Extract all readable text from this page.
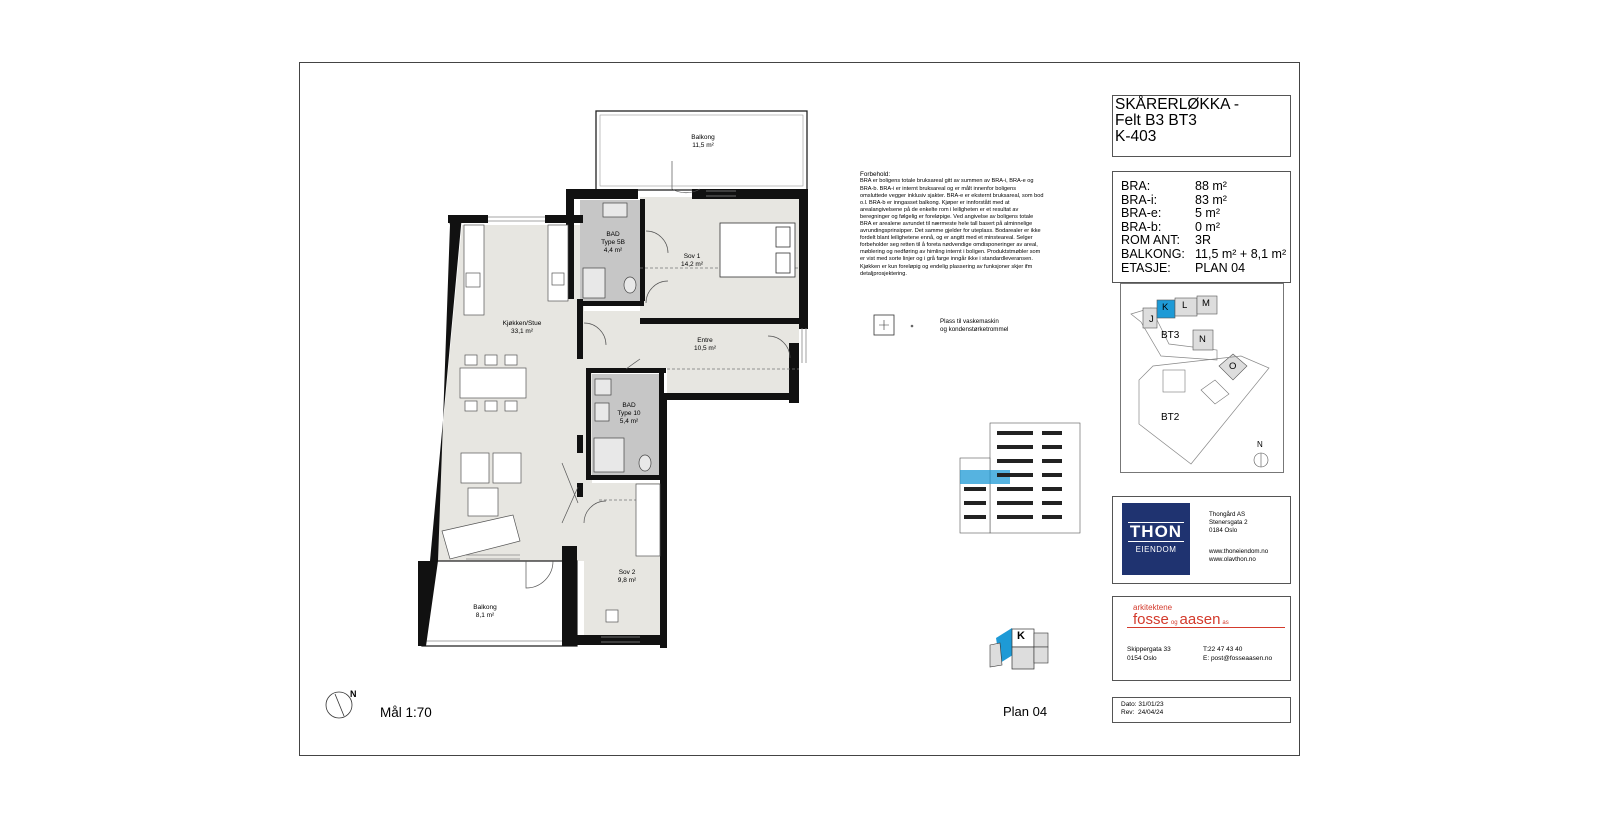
Balkong
11,5 m²
BAD
Type 5B
4,4 m²
Sov 1
14,2 m²
Kjøkken/Stue
33,1 m²
Entre
10,5 m²
BAD
Type 10
5,4 m²
Sov 2
9,8 m²
Balkong
8,1 m²
Forbehold:
BRA er boligens totale bruksareal gitt av summen av BRA-i, BRA-e og
BRA-b. BRA-i er internt bruksareal og er målt innenfor boligens
omsluttede vegger inklusiv sjakter. BRA-e er eksternt bruksareal, som bod
o.l. BRA-b er inngasset balkong. Kjøper er innforstått med at
arealangivelsene på de enkelte rom i leiligheten er et resultat av
beregninger og følgelig er foreløpige. Ved angivelse av boligens totale
BRA er arealene avrundet til nærmeste hele tall basert på alminnelige
avrundingsprinsipper. Det samme gjelder for uteplass. Bodarealer er ikke
fordelt blant leilighetene ennå, og er angitt med et minsteareal. Selger
forbeholder seg retten til å foreta nødvendige omdisponeringer av areal,
møblering og nedføring av himling internt i boligen. Produktstmøbler som
er vist med sorte linjer og i grå farge inngår ikke i standardleveransen.
Kjøkken er kun foreløpig og endelig plassering av funksjoner skjer ifm
detaljprosjektering.
Plass til vaskemaskin
og kondenstørketrommel
N
Mål 1:70	Plan 04
K
SKÅRERLØKKA -
Felt B3 BT3
K-403
BRA:	88 m²
BRA-i:	83 m²
BRA-e:	5 m²
BRA-b:	0 m²
ROM ANT:	3R
BALKONG: 11,5 m² + 8,1 m²
ETASJE:	PLAN 04
J
K L M
N
O
BT3
BT2
N
THON
EIENDOM
Thongård AS
Stenersgata 2
0184 Oslo
www.thoneiendom.no
www.olavthon.no
arkitektene
fosse og aasen as
Skippergata 33
0154 Oslo
T:22 47 43 40
E: post@fosseaasen.no
Dato: 31/01/23
Rev:  24/04/24
